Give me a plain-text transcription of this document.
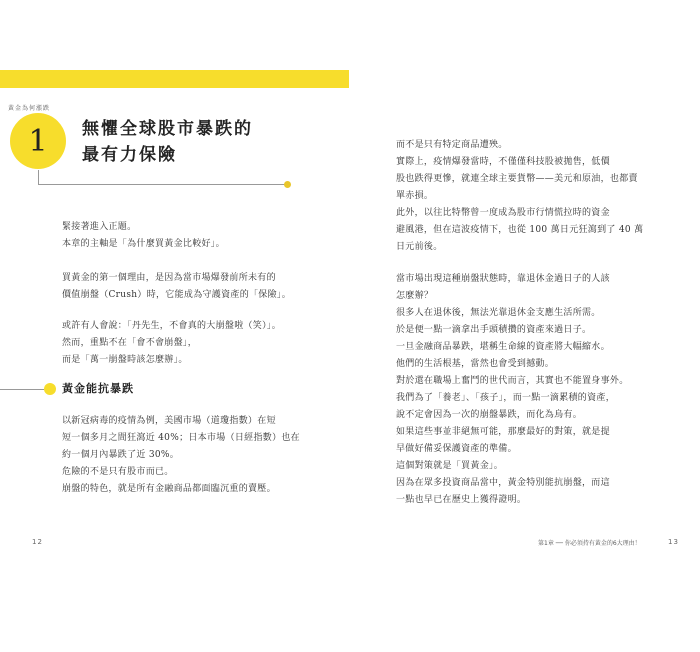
黃金為何漲跌
1 無懼全球股市暴跌的
最有力保險
緊接著進入正題。
本章的主軸是「為什麼買黃金比較好」。
買黃金的第一個理由，是因為當市場爆發前所未有的
價值崩盤（Crush）時，它能成為守護資產的「保險」。
或許有人會說：「丹先生，不會真的大崩盤啦（笑）」。
然而，重點不在「會不會崩盤」，
而是「萬一崩盤時該怎麼辦」。
黃金能抗暴跌
以新冠病毒的疫情為例，美國市場（道瓊指數）在短
短一個多月之間狂瀉近 40%；日本市場（日經指數）也在
約一個月內暴跌了近 30%。
危險的不是只有股市而已。
崩盤的特色，就是所有金融商品都面臨沉重的賣壓。
12
而不是只有特定商品遭殃。
實際上，疫情爆發當時，不僅僅科技股被拋售，低價
股也跌得更慘，就連全球主要貨幣——美元和原油，也都賣
單赤損。
此外，以往比特幣曾一度成為股市行情慌拉時的資金
避風港，但在這波疫情下，也從 100 萬日元狂瀉到了 40 萬
日元前後。
當市場出現這種崩盤狀態時，靠退休金過日子的人該
怎麼辦？
很多人在退休後，無法光靠退休金支應生活所需。
於是便一點一滴拿出手頭積攢的資產來過日子。
一旦金融商品暴跌，堪稱生命線的資產將大幅縮水。
他們的生活根基，當然也會受到撼動。
對於還在職場上奮鬥的世代而言，其實也不能置身事外。
我們為了「養老」、「孩子」，而一點一滴累積的資產，
說不定會因為一次的崩盤暴跌，而化為烏有。
如果這些事並非絕無可能，那麼最好的對策，就是提
早做好備妥保護資產的準備。
這個對策就是「買黃金」。
因為在眾多投資商品當中，黃金特別能抗崩盤，而這
一點也早已在歷史上獲得證明。
第1章 ── 你必須持有黃金的6大理由！	13
